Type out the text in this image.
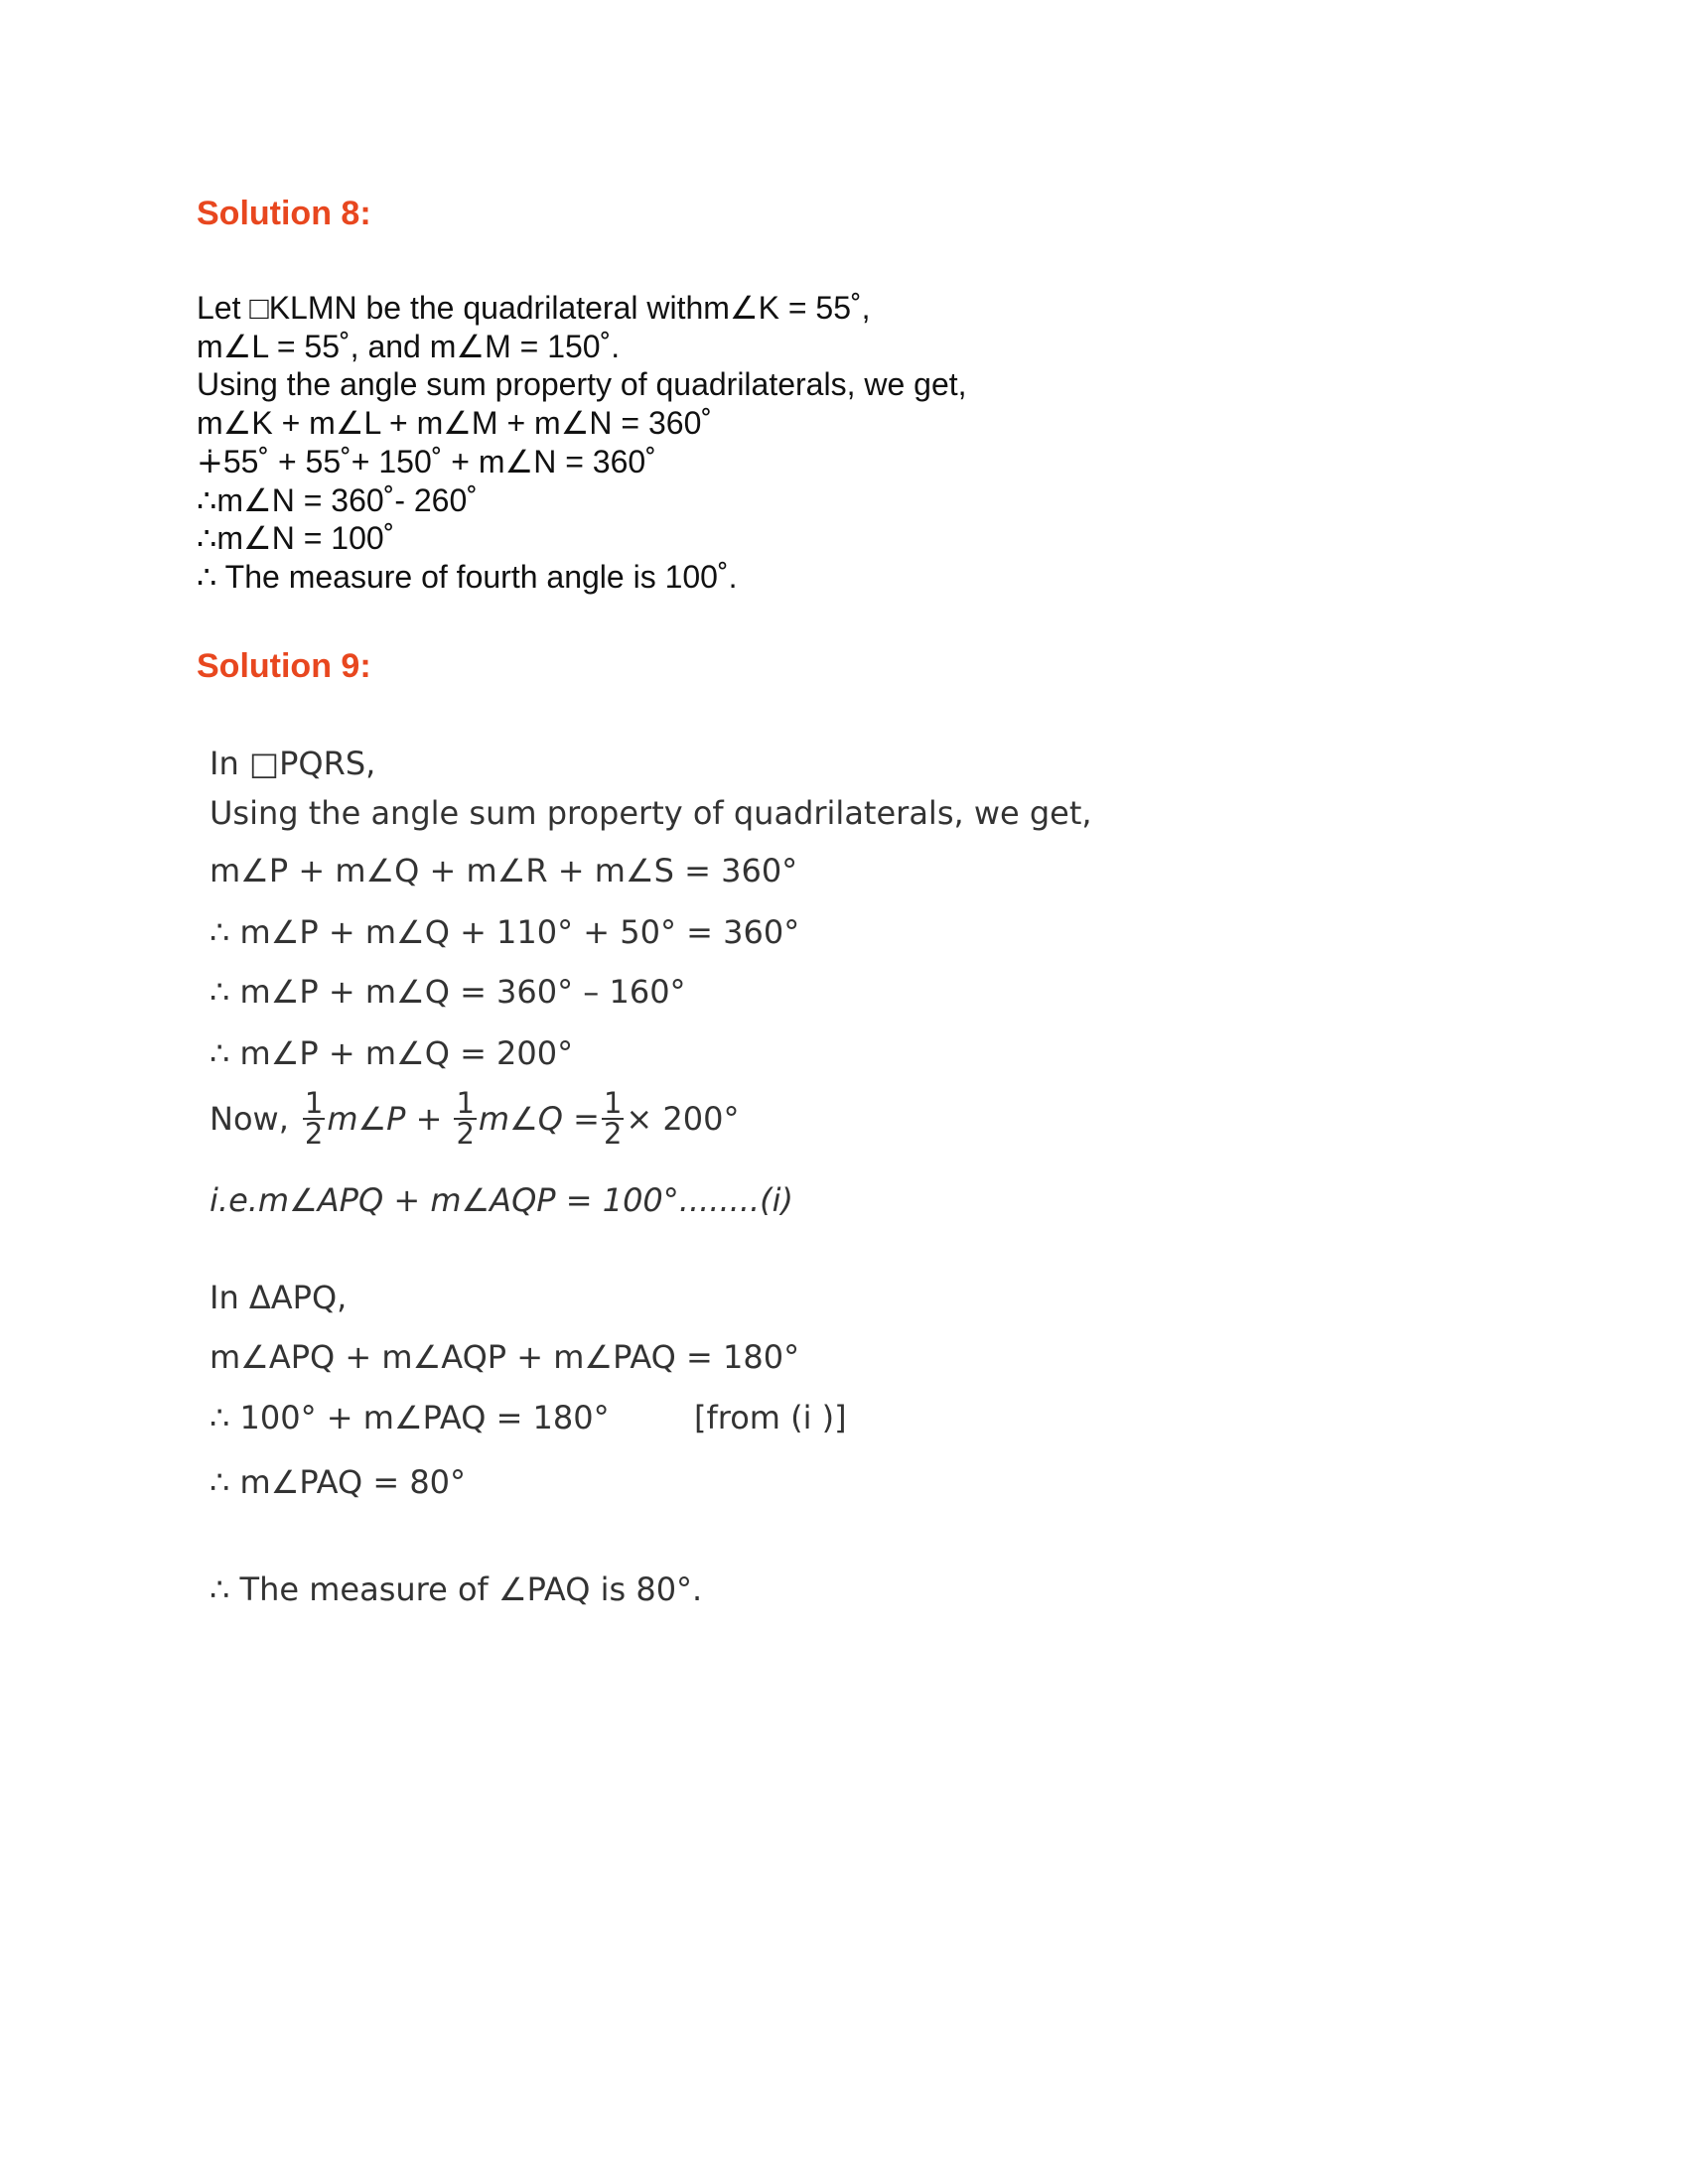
Solution 8:
Let □KLMN be the quadrilateral withm∠K = 55˚,
m∠L = 55˚, and m∠M = 150˚.
Using the angle sum property of quadrilaterals, we get,
m∠K + m∠L + m∠M + m∠N = 360˚
∔55˚ + 55˚+ 150˚ + m∠N = 360˚
∴m∠N = 360˚- 260˚
∴m∠N = 100˚
∴ The measure of fourth angle is 100˚.
Solution 9:
In □PQRS,
Using the angle sum property of quadrilaterals, we get,
m∠P + m∠Q + m∠R + m∠S = 360°
∴ m∠P + m∠Q + 110° + 50° = 360°
∴ m∠P + m∠Q = 360° – 160°
∴ m∠P + m∠Q = 200°
Now, $\frac{1}{2}$ m∠P + $\frac{1}{2}$ m∠Q = $\frac{1}{2} \times 200^\circ$
i.e.m∠APQ + m∠AQP = 100°........(i)
In ΔAPQ,
m∠APQ + m∠AQP + m∠PAQ = 180°
∴ 100° + m∠PAQ = 180°	[from (i )]
∴ m∠PAQ = 80°
∴ The measure of ∠PAQ is 80°.
